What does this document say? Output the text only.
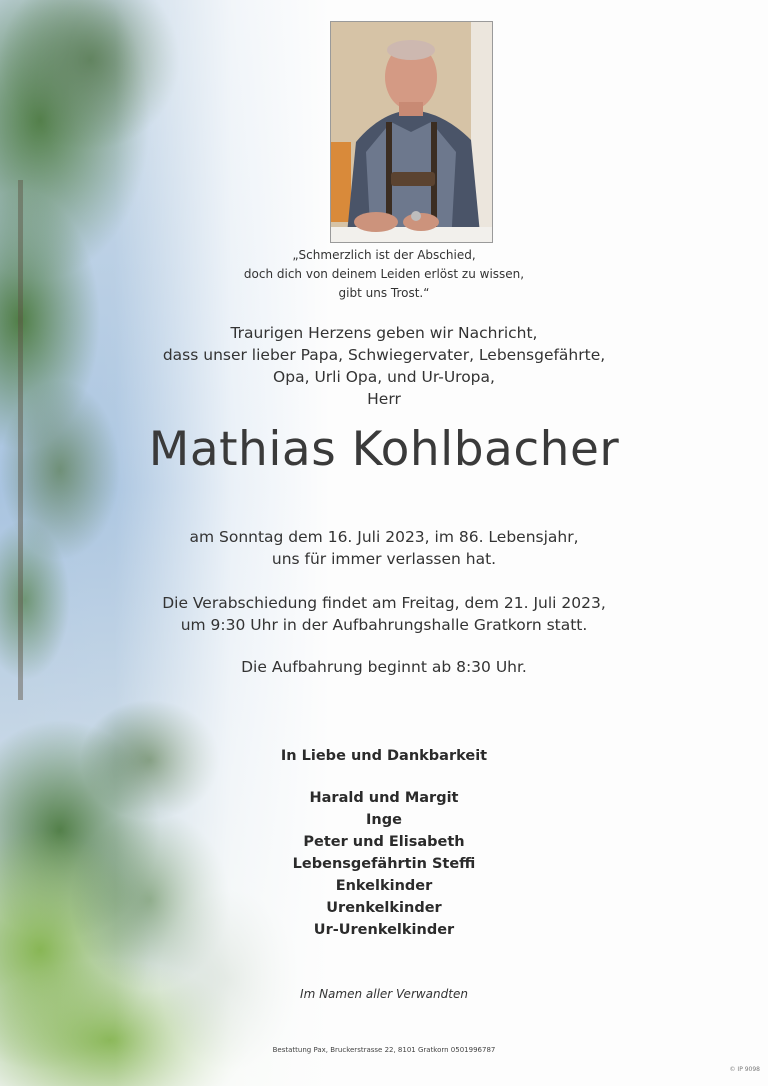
„Schmerzlich ist der Abschied,
doch dich von deinem Leiden erlöst zu wissen,
gibt uns Trost.“
Traurigen Herzens geben wir Nachricht,
dass unser lieber Papa, Schwiegervater, Lebensgefährte,
Opa, Urli Opa, und Ur-Uropa,
Herr
Mathias Kohlbacher
am Sonntag dem 16. Juli 2023, im 86. Lebensjahr,
uns für immer verlassen hat.
Die Verabschiedung findet am Freitag, dem 21. Juli 2023,
um 9:30 Uhr in der Aufbahrungshalle Gratkorn statt.
Die Aufbahrung beginnt ab 8:30 Uhr.
In Liebe und Dankbarkeit
Harald und Margit
Inge
Peter und Elisabeth
Lebensgefährtin Steffi
Enkelkinder
Urenkelkinder
Ur-Urenkelkinder
Im Namen aller Verwandten
Bestattung Pax, Bruckerstrasse 22, 8101 Gratkorn 0501996787
© IP 9098
